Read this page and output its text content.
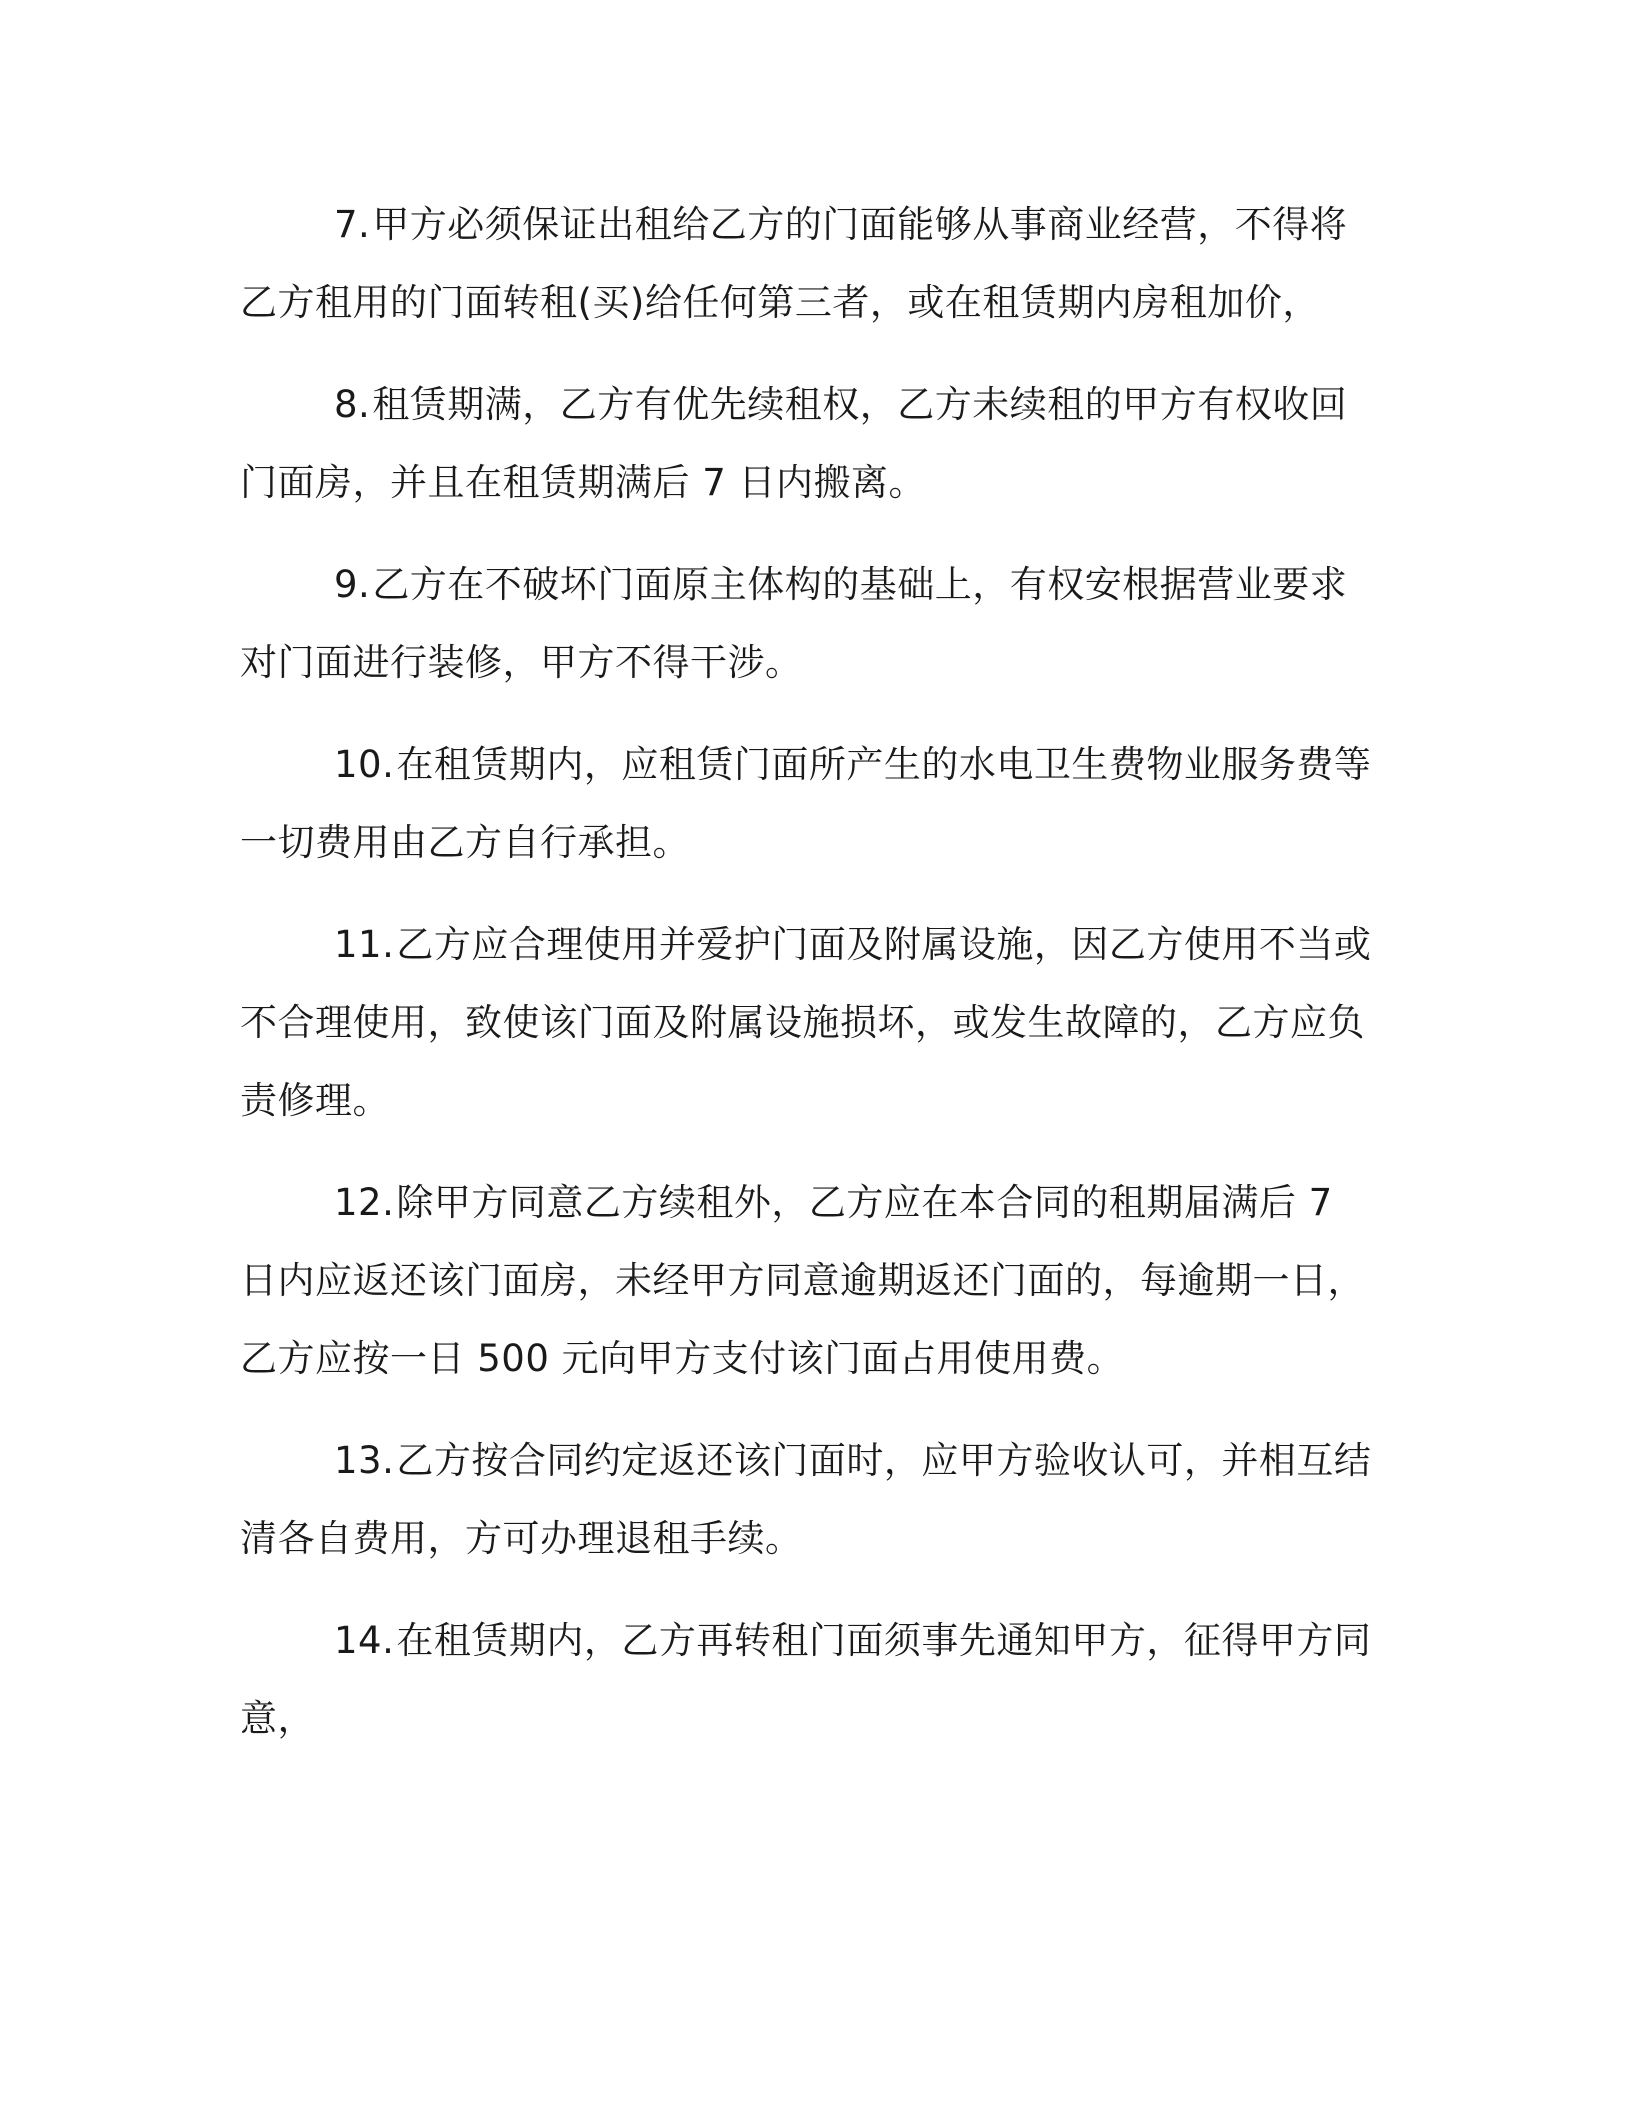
7.甲方必须保证出租给乙方的门面能够从事商业经营，不得将乙方租用的门面转租(买)给任何第三者，或在租赁期内房租加价，

8.租赁期满，乙方有优先续租权，乙方未续租的甲方有权收回门面房，并且在租赁期满后 7 日内搬离。

9.乙方在不破坏门面原主体构的基础上，有权安根据营业要求对门面进行装修，甲方不得干涉。

10.在租赁期内，应租赁门面所产生的水电卫生费物业服务费等一切费用由乙方自行承担。

11.乙方应合理使用并爱护门面及附属设施，因乙方使用不当或不合理使用，致使该门面及附属设施损坏，或发生故障的，乙方应负责修理。

12.除甲方同意乙方续租外，乙方应在本合同的租期届满后 7 日内应返还该门面房，未经甲方同意逾期返还门面的，每逾期一日，乙方应按一日 500 元向甲方支付该门面占用使用费。

13.乙方按合同约定返还该门面时，应甲方验收认可，并相互结清各自费用，方可办理退租手续。

14.在租赁期内，乙方再转租门面须事先通知甲方，征得甲方同意，
